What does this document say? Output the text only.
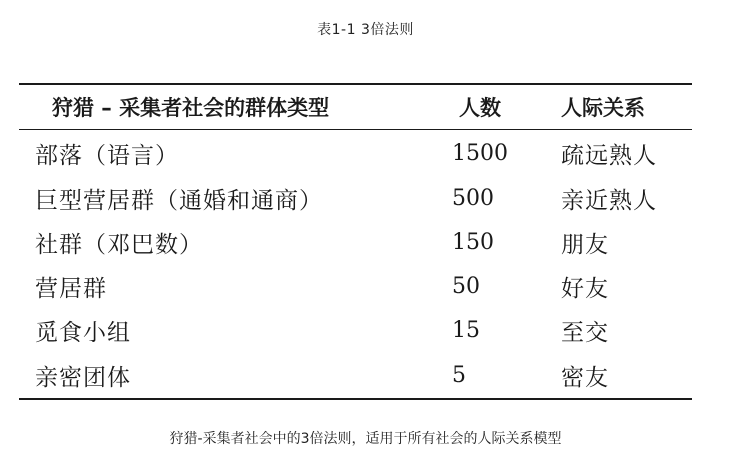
表1-1 3倍法则
狩猎 – 采集者社会的群体类型	人数	人际关系
部落（语言）	1500	疏远熟人
巨型营居群（通婚和通商）	500	亲近熟人
社群（邓巴数）	150	朋友
营居群	50	好友
觅食小组	15	至交
亲密团体	5	密友
狩猎-采集者社会中的3倍法则，适用于所有社会的人际关系模型
